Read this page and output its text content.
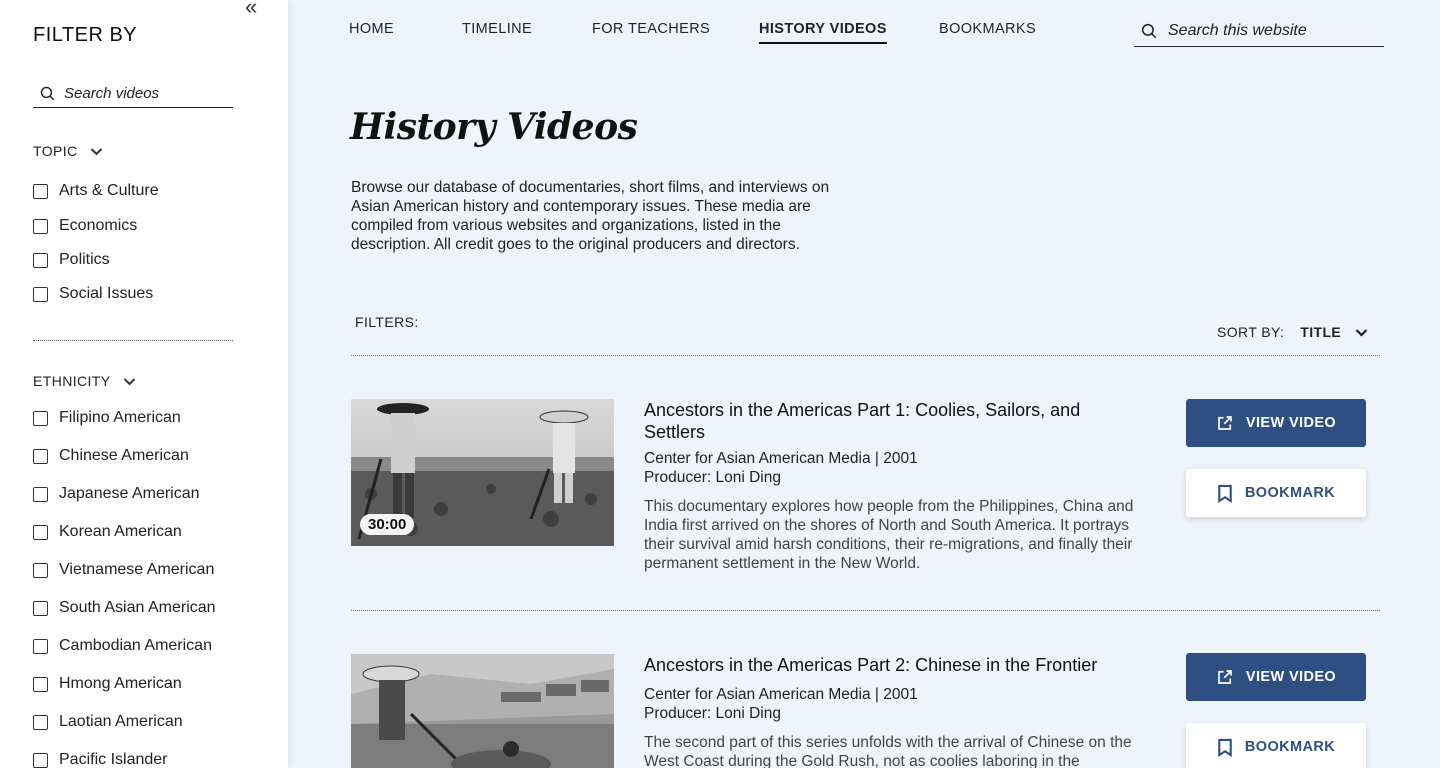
«
FILTER BY
Search videos
TOPIC
Arts & Culture
Economics
Politics
Social Issues
ETHNICITY
Filipino American
Chinese American
Japanese American
Korean American
Vietnamese American
South Asian American
Cambodian American
Hmong American
Laotian American
Pacific Islander
HOME	TIMELINE	FOR TEACHERS	HISTORY VIDEOS	BOOKMARKS
Search this website
History Videos

Browse our database of documentaries, short films, and interviews on Asian American history and contemporary issues. These media are compiled from various websites and organizations, listed in the description. All credit goes to the original producers and directors.

FILTERS:
SORT BY: TITLE
30:00
Ancestors in the Americas Part 1: Coolies, Sailors, and Settlers
Center for Asian American Media | 2001
Producer: Loni Ding
This documentary explores how people from the Philippines, China and India first arrived on the shores of North and South America. It portrays their survival amid harsh conditions, their re-migrations, and finally their permanent settlement in the New World.
VIEW VIDEO
BOOKMARK
Ancestors in the Americas Part 2: Chinese in the Frontier
Center for Asian American Media | 2001
Producer: Loni Ding
The second part of this series unfolds with the arrival of Chinese on the West Coast during the Gold Rush, not as coolies laboring in the
VIEW VIDEO
BOOKMARK
